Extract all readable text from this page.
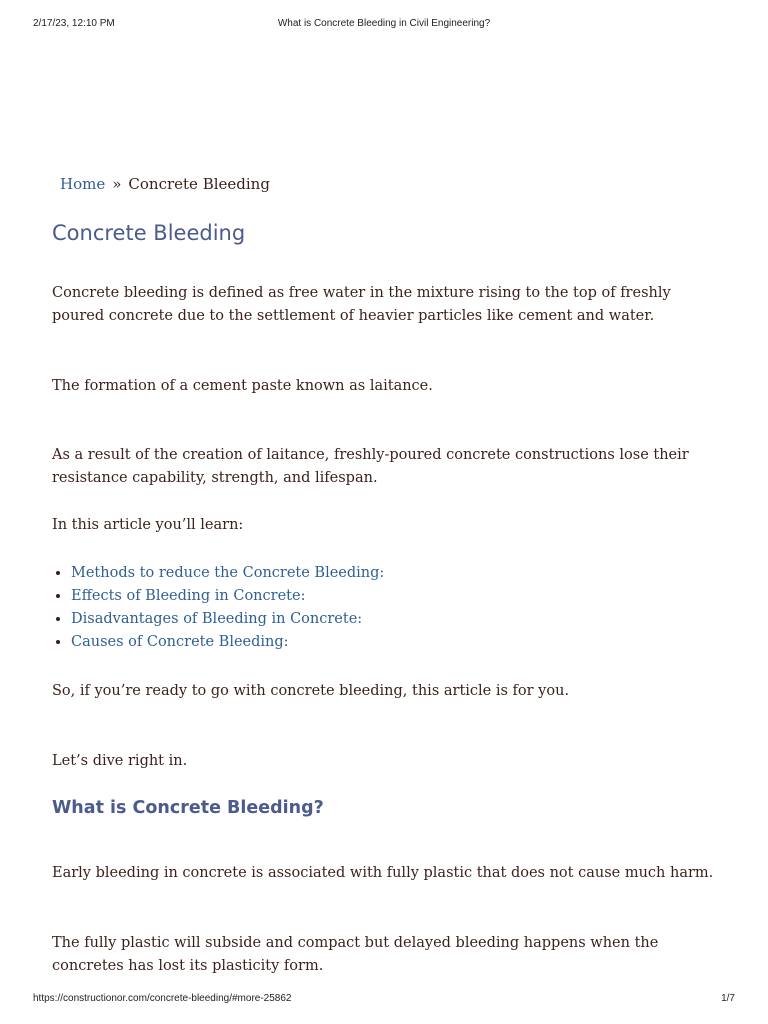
2/17/23, 12:10 PM	What is Concrete Bleeding in Civil Engineering?
Home » Concrete Bleeding
Concrete Bleeding

Concrete bleeding is defined as free water in the mixture rising to the top of freshly poured concrete due to the settlement of heavier particles like cement and water.

The formation of a cement paste known as laitance.

As a result of the creation of laitance, freshly-poured concrete constructions lose their resistance capability, strength, and lifespan.

In this article you’ll learn:

• Methods to reduce the Concrete Bleeding:
• Effects of Bleeding in Concrete:
• Disadvantages of Bleeding in Concrete:
• Causes of Concrete Bleeding:

So, if you’re ready to go with concrete bleeding, this article is for you.

Let’s dive right in.

What is Concrete Bleeding?

Early bleeding in concrete is associated with fully plastic that does not cause much harm.

The fully plastic will subside and compact but delayed bleeding happens when the concretes has lost its plasticity form.

https://constructionor.com/concrete-bleeding/#more-25862	1/7
